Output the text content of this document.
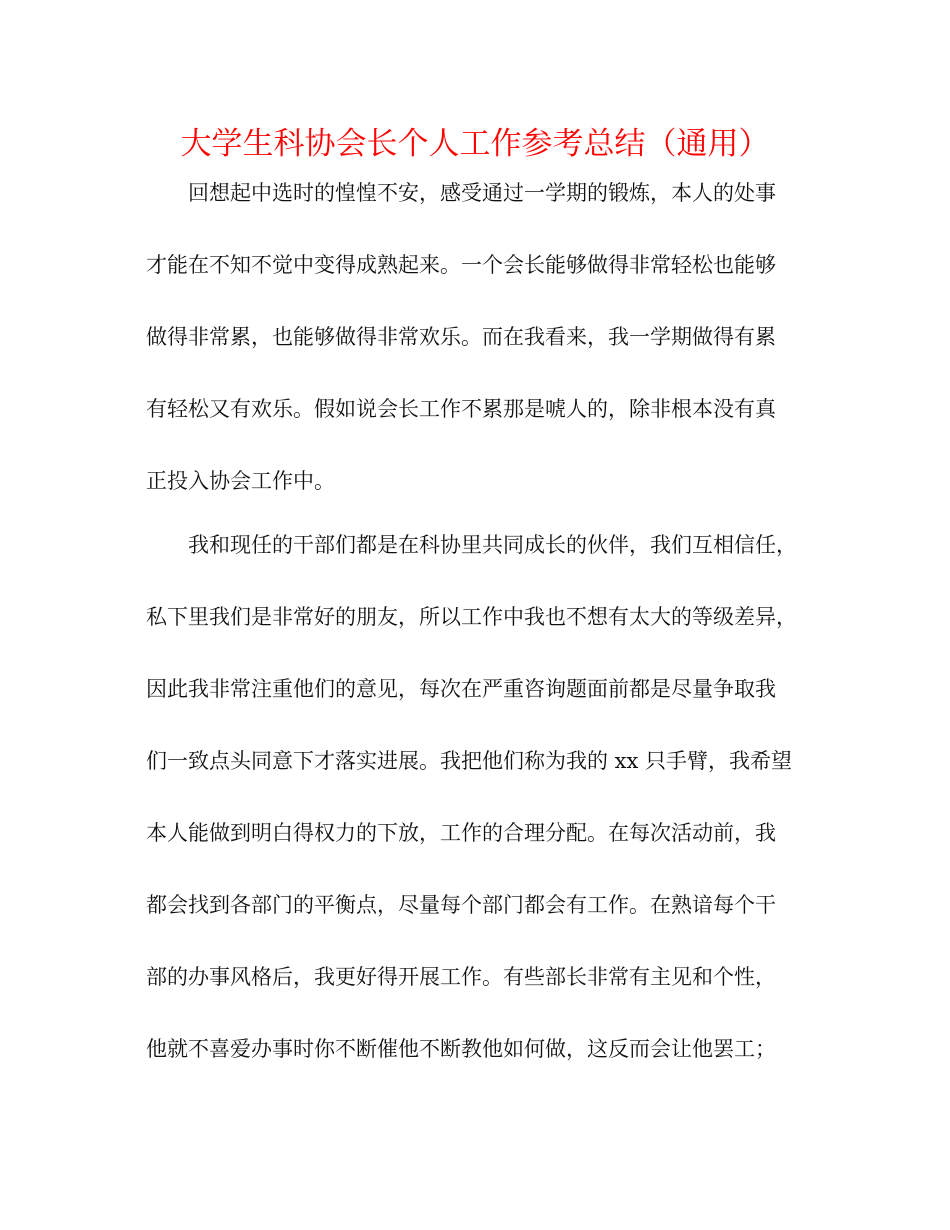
大学生科协会长个人工作参考总结（通用）

　　回想起中选时的惶惶不安，感受通过一学期的锻炼，本人的处事

才能在不知不觉中变得成熟起来。一个会长能够做得非常轻松也能够

做得非常累，也能够做得非常欢乐。而在我看来，我一学期做得有累

有轻松又有欢乐。假如说会长工作不累那是唬人的，除非根本没有真

正投入协会工作中。

　　我和现任的干部们都是在科协里共同成长的伙伴，我们互相信任，

私下里我们是非常好的朋友，所以工作中我也不想有太大的等级差异，

因此我非常注重他们的意见，每次在严重咨询题面前都是尽量争取我

们一致点头同意下才落实进展。我把他们称为我的 xx 只手臂，我希望

本人能做到明白得权力的下放，工作的合理分配。在每次活动前，我

都会找到各部门的平衡点，尽量每个部门都会有工作。在熟谙每个干

部的办事风格后，我更好得开展工作。有些部长非常有主见和个性，

他就不喜爱办事时你不断催他不断教他如何做，这反而会让他罢工；
